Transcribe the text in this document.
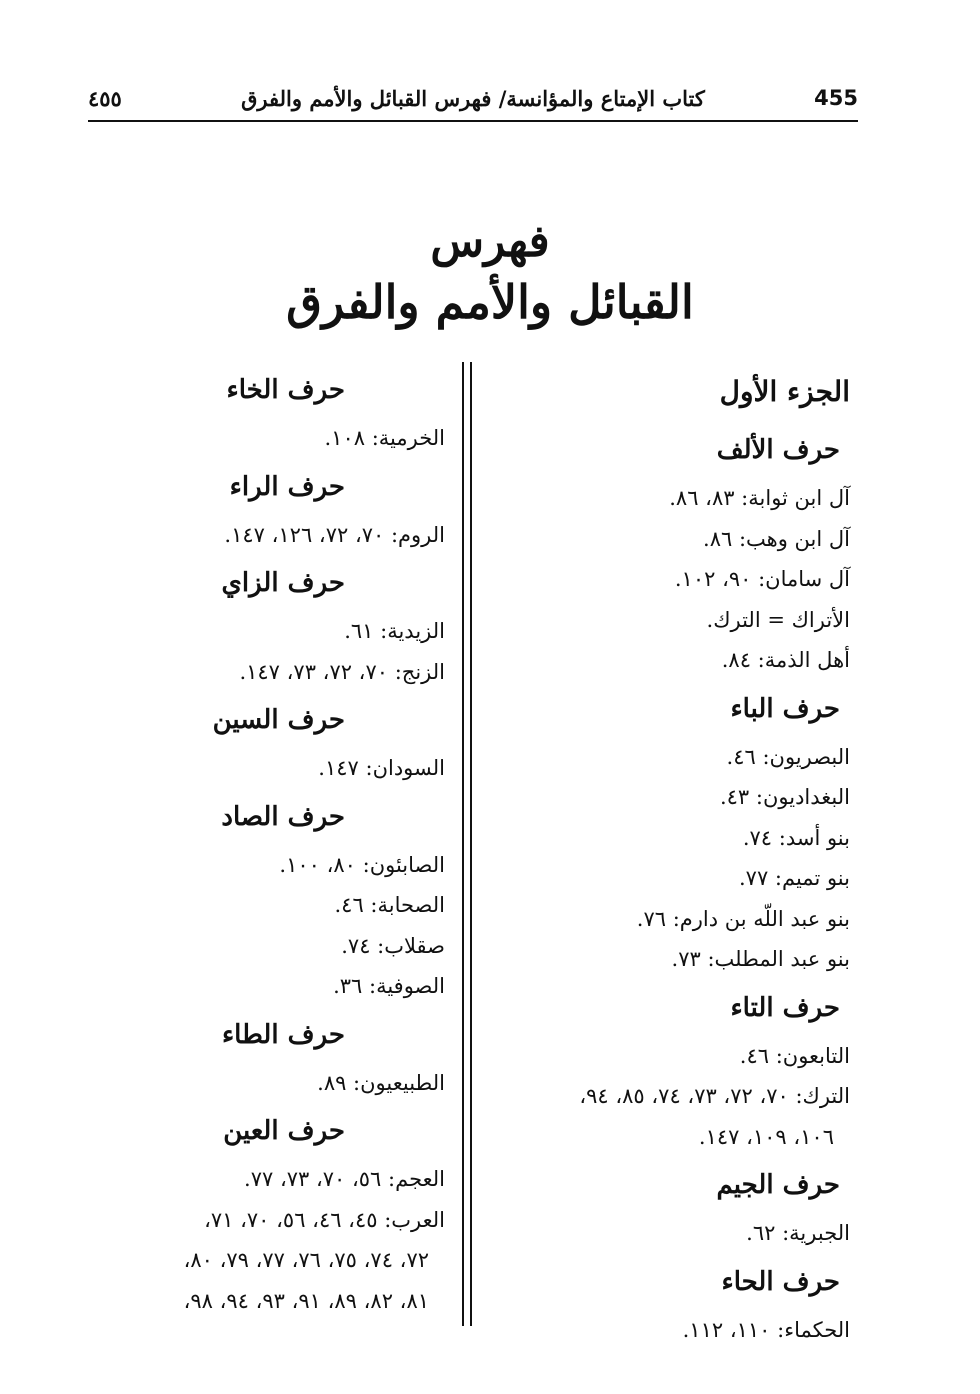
455
كتاب الإمتاع والمؤانسة/ فهرس القبائل والأمم والفرق
٤٥٥
فهرس
القبائل والأمم والفرق
الجزء الأول
حرف الألف
آل ابن ثوابة: ٨٣، ٨٦.
آل ابن وهب: ٨٦.
آل سامان: ٩٠، ١٠٢.
الأتراك = الترك.
أهل الذمة: ٨٤.
حرف الباء
البصريون: ٤٦.
البغداديون: ٤٣.
بنو أسد: ٧٤.
بنو تميم: ٧٧.
بنو عبد اللّه بن دارم: ٧٦.
بنو عبد المطلب: ٧٣.
حرف التاء
التابعون: ٤٦.
الترك: ٧٠، ٧٢، ٧٣، ٧٤، ٨٥، ٩٤،
١٠٦، ١٠٩، ١٤٧.
حرف الجيم
الجبرية: ٦٢.
حرف الحاء
الحكماء: ١١٠، ١١٢.
حرف الخاء
الخرمية: ١٠٨.
حرف الراء
الروم: ٧٠، ٧٢، ١٢٦، ١٤٧.
حرف الزاي
الزيدية: ٦١.
الزنج: ٧٠، ٧٢، ٧٣، ١٤٧.
حرف السين
السودان: ١٤٧.
حرف الصاد
الصابئون: ٨٠، ١٠٠.
الصحابة: ٤٦.
صقلاب: ٧٤.
الصوفية: ٣٦.
حرف الطاء
الطبيعيون: ٨٩.
حرف العين
العجم: ٥٦، ٧٠، ٧٣، ٧٧.
العرب: ٤٥، ٤٦، ٥٦، ٧٠، ٧١،
٧٢، ٧٤، ٧٥، ٧٦، ٧٧، ٧٩، ٨٠،
٨١، ٨٢، ٨٩، ٩١، ٩٣، ٩٤، ٩٨،
